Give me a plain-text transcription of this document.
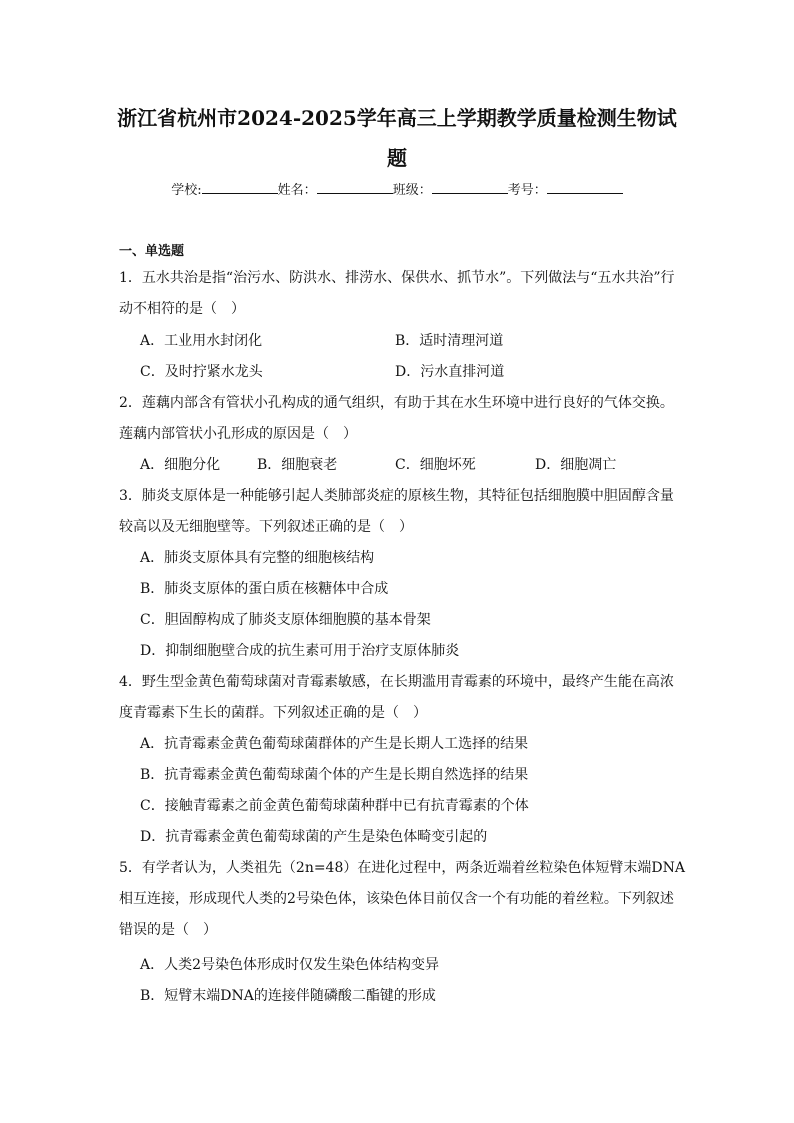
浙江省杭州市2024-2025学年高三上学期教学质量检测生物试
题
学校:	姓名：	班级：	考号：
一、单选题
1．五水共治是指“治污水、防洪水、排涝水、保供水、抓节水”。下列做法与“五水共治”行
动不相符的是（　）
A．工业用水封闭化	B．适时清理河道
C．及时拧紧水龙头	D．污水直排河道
2．莲藕内部含有管状小孔构成的通气组织，有助于其在水生环境中进行良好的气体交换。
莲藕内部管状小孔形成的原因是（　）
A．细胞分化	B．细胞衰老	C．细胞坏死	D．细胞凋亡
3．肺炎支原体是一种能够引起人类肺部炎症的原核生物，其特征包括细胞膜中胆固醇含量
较高以及无细胞壁等。下列叙述正确的是（　）
A．肺炎支原体具有完整的细胞核结构
B．肺炎支原体的蛋白质在核糖体中合成
C．胆固醇构成了肺炎支原体细胞膜的基本骨架
D．抑制细胞壁合成的抗生素可用于治疗支原体肺炎
4．野生型金黄色葡萄球菌对青霉素敏感，在长期滥用青霉素的环境中，最终产生能在高浓
度青霉素下生长的菌群。下列叙述正确的是（　）
A．抗青霉素金黄色葡萄球菌群体的产生是长期人工选择的结果
B．抗青霉素金黄色葡萄球菌个体的产生是长期自然选择的结果
C．接触青霉素之前金黄色葡萄球菌种群中已有抗青霉素的个体
D．抗青霉素金黄色葡萄球菌的产生是染色体畸变引起的
5．有学者认为，人类祖先（2n=48）在进化过程中，两条近端着丝粒染色体短臂末端DNA
相互连接，形成现代人类的2号染色体，该染色体目前仅含一个有功能的着丝粒。下列叙述
错误的是（　）
A．人类2号染色体形成时仅发生染色体结构变异
B．短臂末端DNA的连接伴随磷酸二酯键的形成
